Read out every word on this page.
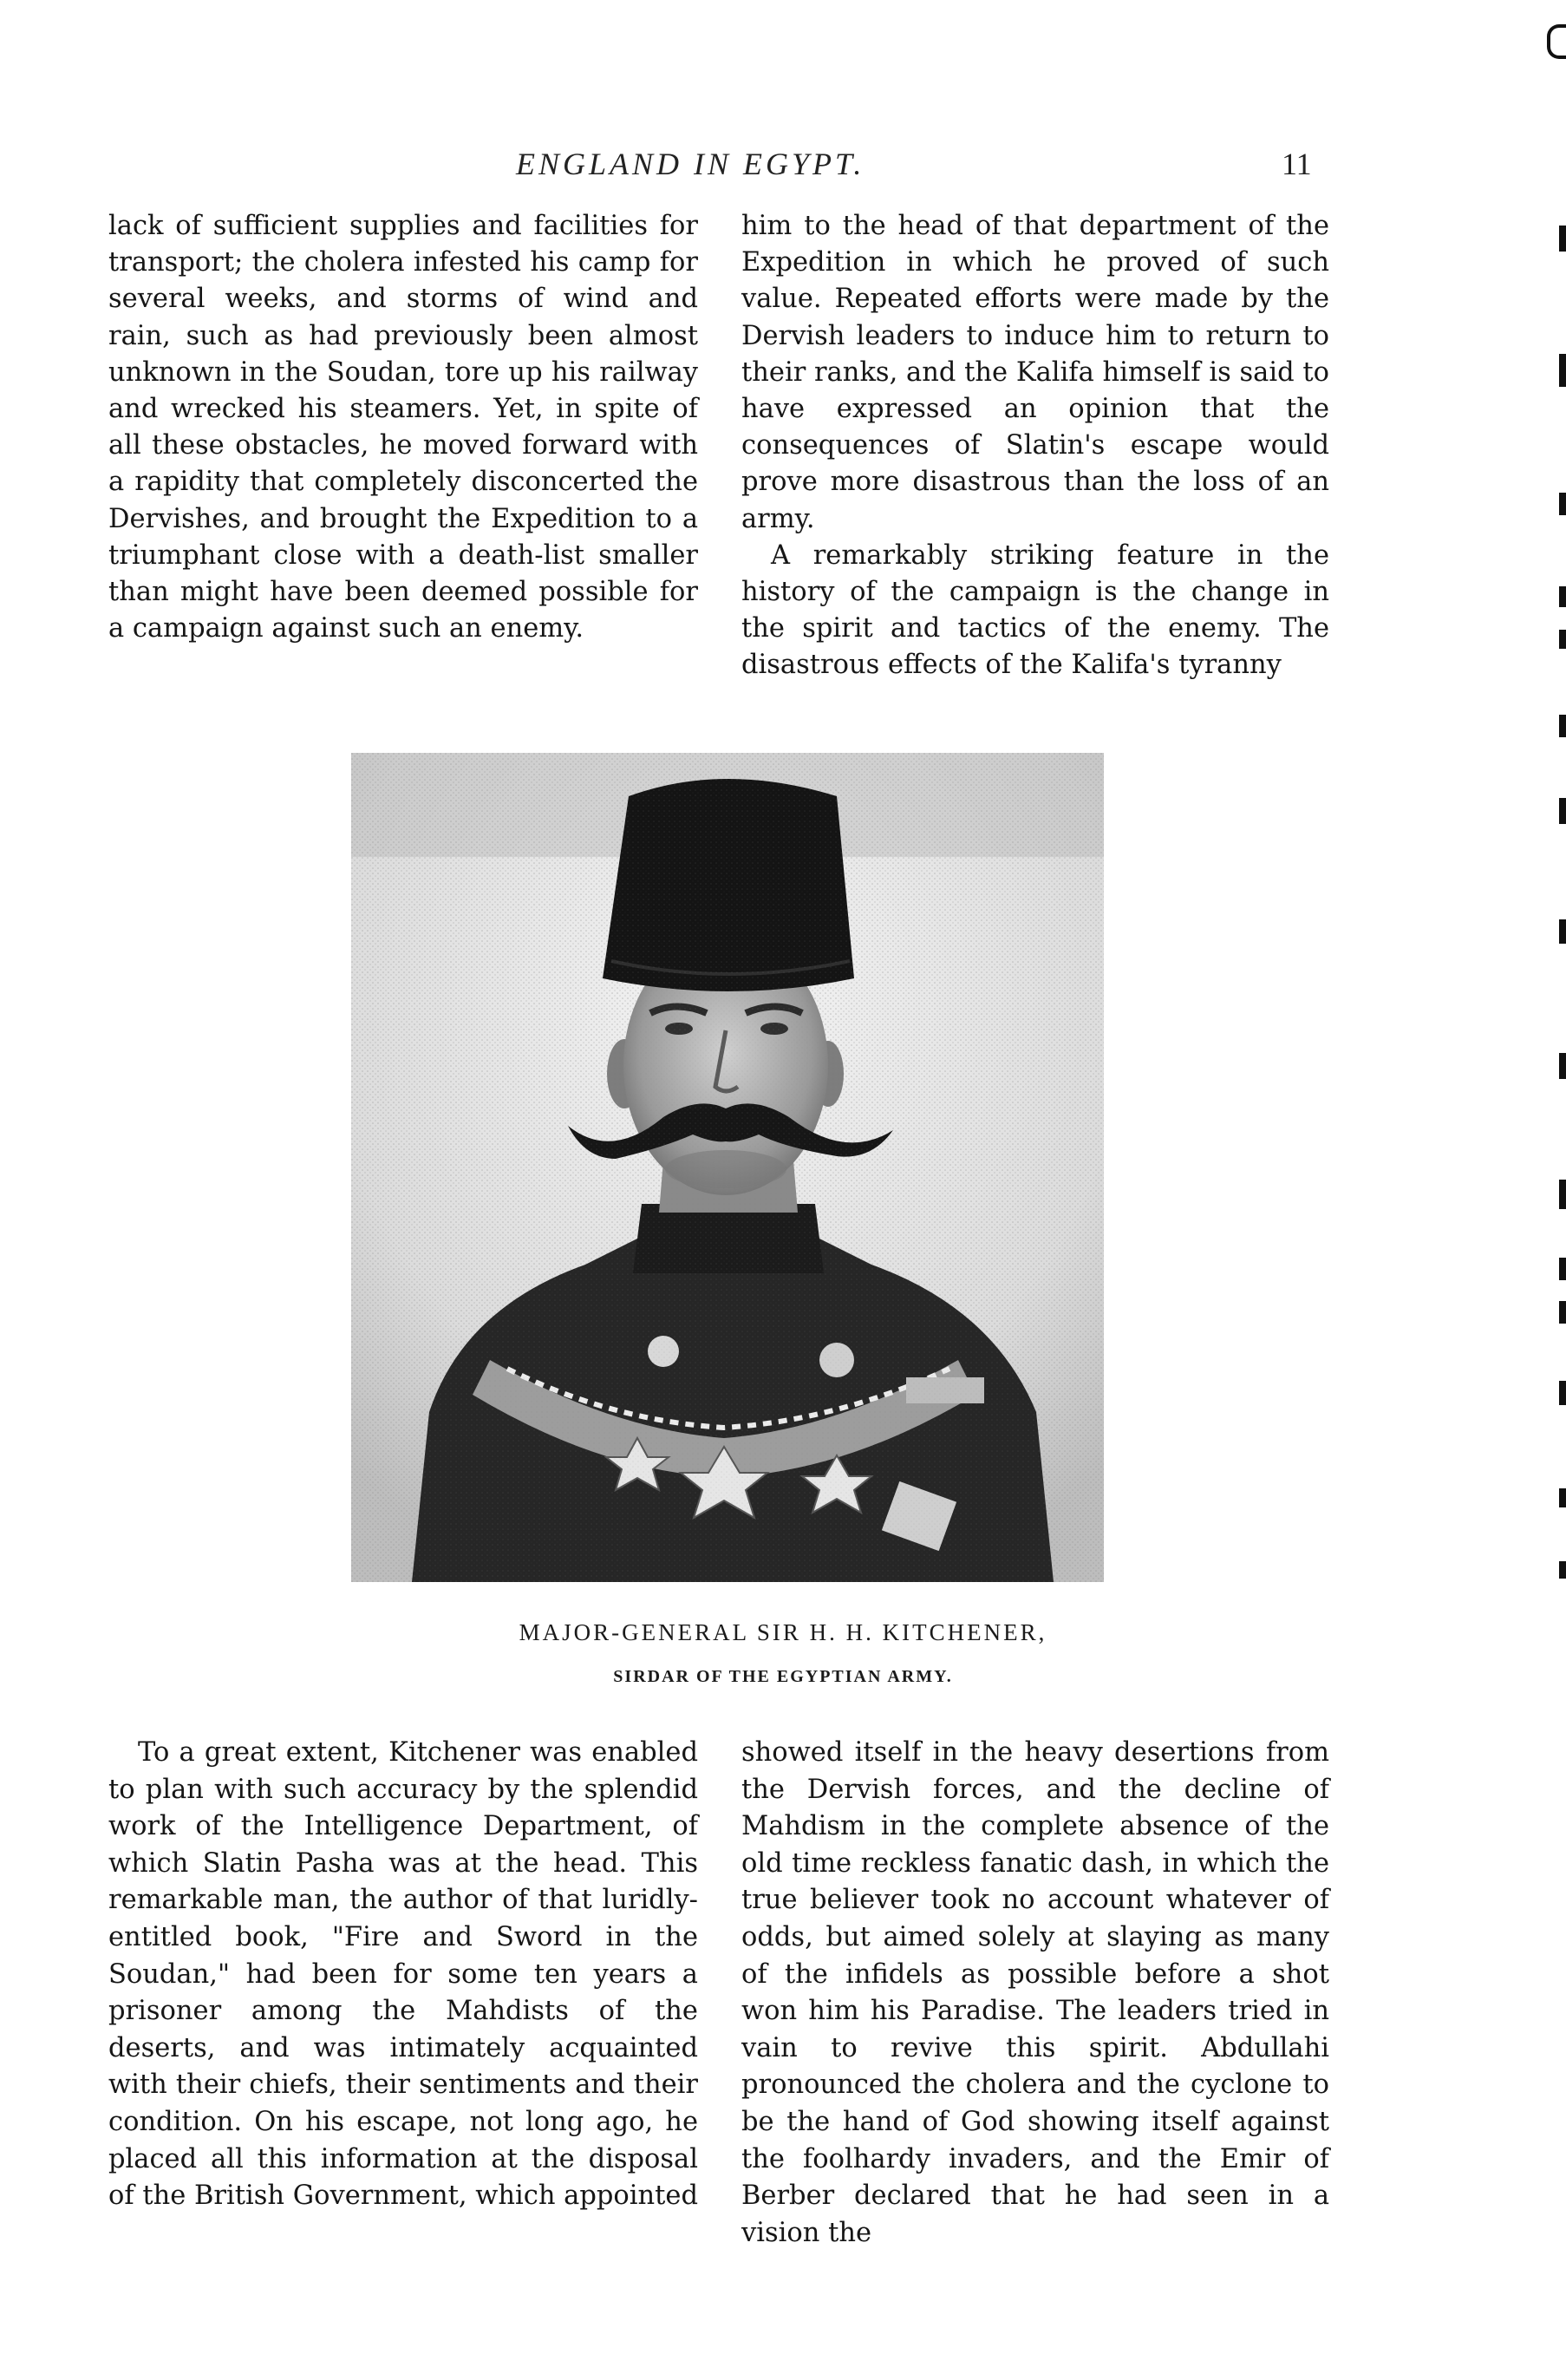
ENGLAND IN EGYPT.	11

lack of sufficient supplies and facilities for transport; the cholera infested his camp for several weeks, and storms of wind and rain, such as had previously been almost unknown in the Soudan, tore up his railway and wrecked his steamers. Yet, in spite of all these obstacles, he moved forward with a rapidity that completely disconcerted the Dervishes, and brought the Expedition to a triumphant close with a death-list smaller than might have been deemed possible for a campaign against such an enemy.

him to the head of that department of the Expedition in which he proved of such value. Repeated efforts were made by the Dervish leaders to induce him to return to their ranks, and the Kalifa himself is said to have expressed an opinion that the consequences of Slatin's escape would prove more disastrous than the loss of an army.
A remarkably striking feature in the history of the campaign is the change in the spirit and tactics of the enemy. The disastrous effects of the Kalifa's tyranny
MAJOR-GENERAL SIR H. H. KITCHENER,
SIRDAR OF THE EGYPTIAN ARMY.

To a great extent, Kitchener was enabled to plan with such accuracy by the splendid work of the Intelligence Department, of which Slatin Pasha was at the head. This remarkable man, the author of that luridly-entitled book, "Fire and Sword in the Soudan," had been for some ten years a prisoner among the Mahdists of the deserts, and was intimately acquainted with their chiefs, their sentiments and their condition. On his escape, not long ago, he placed all this information at the disposal of the British Government, which appointed

showed itself in the heavy desertions from the Dervish forces, and the decline of Mahdism in the complete absence of the old time reckless fanatic dash, in which the true believer took no account whatever of odds, but aimed solely at slaying as many of the infidels as possible before a shot won him his Paradise. The leaders tried in vain to revive this spirit. Abdullahi pronounced the cholera and the cyclone to be the hand of God showing itself against the foolhardy invaders, and the Emir of Berber declared that he had seen in a vision the
